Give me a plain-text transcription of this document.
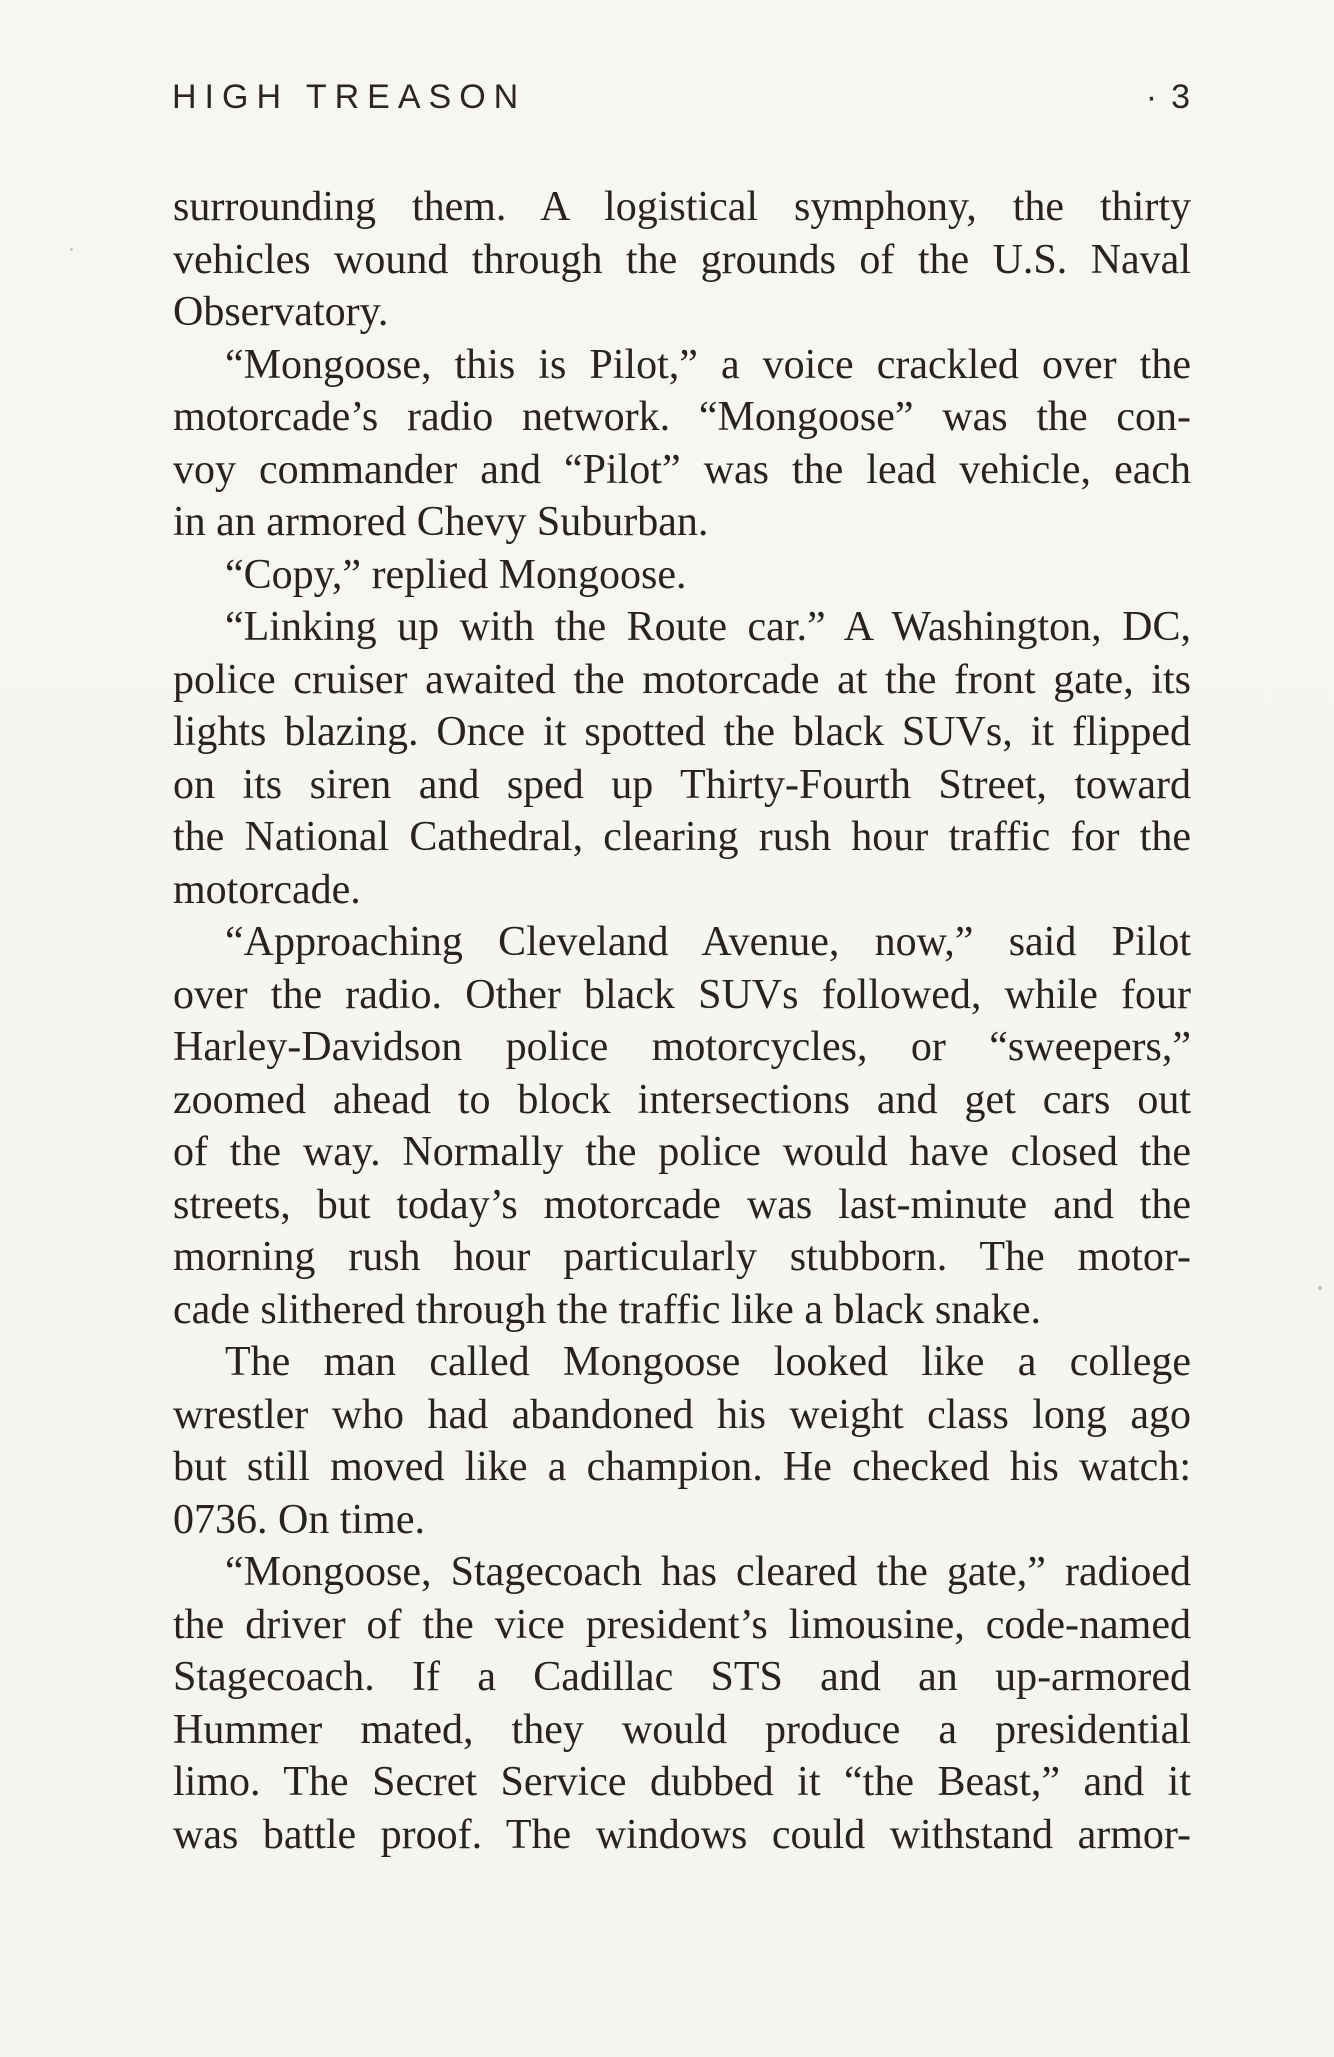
HIGH TREASON	· 3

surrounding them. A logistical symphony, the thirty
vehicles wound through the grounds of the U.S. Naval
Observatory.

“Mongoose, this is Pilot,” a voice crackled over the
motorcade’s radio network. “Mongoose” was the con-
voy commander and “Pilot” was the lead vehicle, each
in an armored Chevy Suburban.

“Copy,” replied Mongoose.

“Linking up with the Route car.” A Washington, DC,
police cruiser awaited the motorcade at the front gate, its
lights blazing. Once it spotted the black SUVs, it flipped
on its siren and sped up Thirty-Fourth Street, toward
the National Cathedral, clearing rush hour traffic for the
motorcade.

“Approaching Cleveland Avenue, now,” said Pilot
over the radio. Other black SUVs followed, while four
Harley-Davidson police motorcycles, or “sweepers,”
zoomed ahead to block intersections and get cars out
of the way. Normally the police would have closed the
streets, but today’s motorcade was last-minute and the
morning rush hour particularly stubborn. The motor-
cade slithered through the traffic like a black snake.

The man called Mongoose looked like a college
wrestler who had abandoned his weight class long ago
but still moved like a champion. He checked his watch:
0736. On time.

“Mongoose, Stagecoach has cleared the gate,” radioed
the driver of the vice president’s limousine, code-named
Stagecoach. If a Cadillac STS and an up-armored
Hummer mated, they would produce a presidential
limo. The Secret Service dubbed it “the Beast,” and it
was battle proof. The windows could withstand armor-
